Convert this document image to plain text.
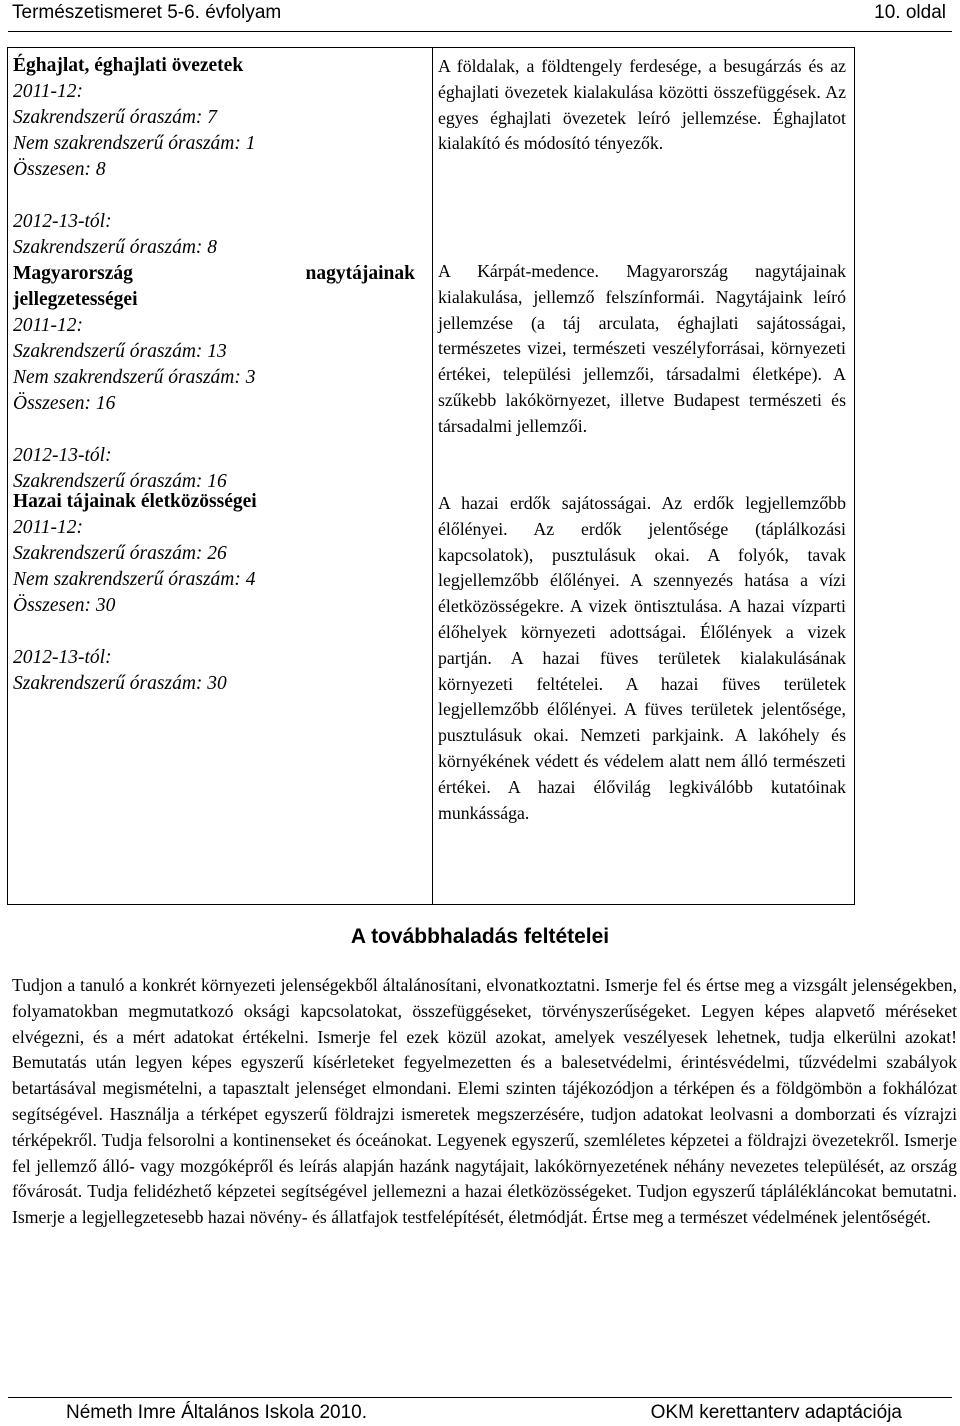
Természetismeret 5-6. évfolyam	10. oldal
Éghajlat, éghajlati övezetek
2011-12:
Szakrendszerű óraszám: 7
Nem szakrendszerű óraszám: 1
Összesen: 8
2012-13-tól:
Szakrendszerű óraszám: 8
A földalak, a földtengely ferdesége, a besugárzás és az éghajlati övezetek kialakulása közötti összefüggések. Az egyes éghajlati övezetek leíró jellemzése. Éghajlatot kialakító és módosító tényezők.
Magyarország	nagytájainak
jellegzetességei
2011-12:
Szakrendszerű óraszám: 13
Nem szakrendszerű óraszám: 3
Összesen: 16
2012-13-tól:
Szakrendszerű óraszám: 16
A Kárpát-medence. Magyarország nagytájainak kialakulása, jellemző felszínformái. Nagytájaink leíró jellemzése (a táj arculata, éghajlati sajátosságai, természetes vizei, természeti veszélyforrásai, környezeti értékei, települési jellemzői, társadalmi életképe). A szűkebb lakókörnyezet, illetve Budapest természeti és társadalmi jellemzői.
Hazai tájainak életközösségei
2011-12:
Szakrendszerű óraszám: 26
Nem szakrendszerű óraszám: 4
Összesen: 30
2012-13-tól:
Szakrendszerű óraszám: 30
A hazai erdők sajátosságai. Az erdők legjellemzőbb élőlényei. Az erdők jelentősége (táplálkozási kapcsolatok), pusztulásuk okai. A folyók, tavak legjellemzőbb élőlényei. A szennyezés hatása a vízi életközösségekre. A vizek öntisztulása. A hazai vízparti élőhelyek környezeti adottságai. Élőlények a vizek partján. A hazai füves területek kialakulásának környezeti feltételei. A hazai füves területek legjellemzőbb élőlényei. A füves területek jelentősége, pusztulásuk okai. Nemzeti parkjaink. A lakóhely és környékének védett és védelem alatt nem álló természeti értékei. A hazai élővilág legkiválóbb kutatóinak munkássága.
A továbbhaladás feltételei
Tudjon a tanuló a konkrét környezeti jelenségekből általánosítani, elvonatkoztatni. Ismerje fel és értse meg a vizsgált jelenségekben, folyamatokban megmutatkozó oksági kapcsolatokat, összefüggéseket, törvényszerűségeket. Legyen képes alapvető méréseket elvégezni, és a mért adatokat értékelni. Ismerje fel ezek közül azokat, amelyek veszélyesek lehetnek, tudja elkerülni azokat! Bemutatás után legyen képes egyszerű kísérleteket fegyelmezetten és a balesetvédelmi, érintésvédelmi, tűzvédelmi szabályok betartásával megismételni, a tapasztalt jelenséget elmondani. Elemi szinten tájékozódjon a térképen és a földgömbön a fokhálózat segítségével. Használja a térképet egyszerű földrajzi ismeretek megszerzésére, tudjon adatokat leolvasni a domborzati és vízrajzi térképekről. Tudja felsorolni a kontinenseket és óceánokat. Legyenek egyszerű, szemléletes képzetei a földrajzi övezetekről. Ismerje fel jellemző álló- vagy mozgóképről és leírás alapján hazánk nagytájait, lakókörnyezetének néhány nevezetes települését, az ország fővárosát. Tudja felidézhető képzetei segítségével jellemezni a hazai életközösségeket. Tudjon egyszerű táplálékláncokat bemutatni. Ismerje a legjellegzetesebb hazai növény- és állatfajok testfelépítését, életmódját. Értse meg a természet védelmének jelentőségét.
Németh Imre Általános Iskola 2010.	OKM kerettanterv adaptációja
